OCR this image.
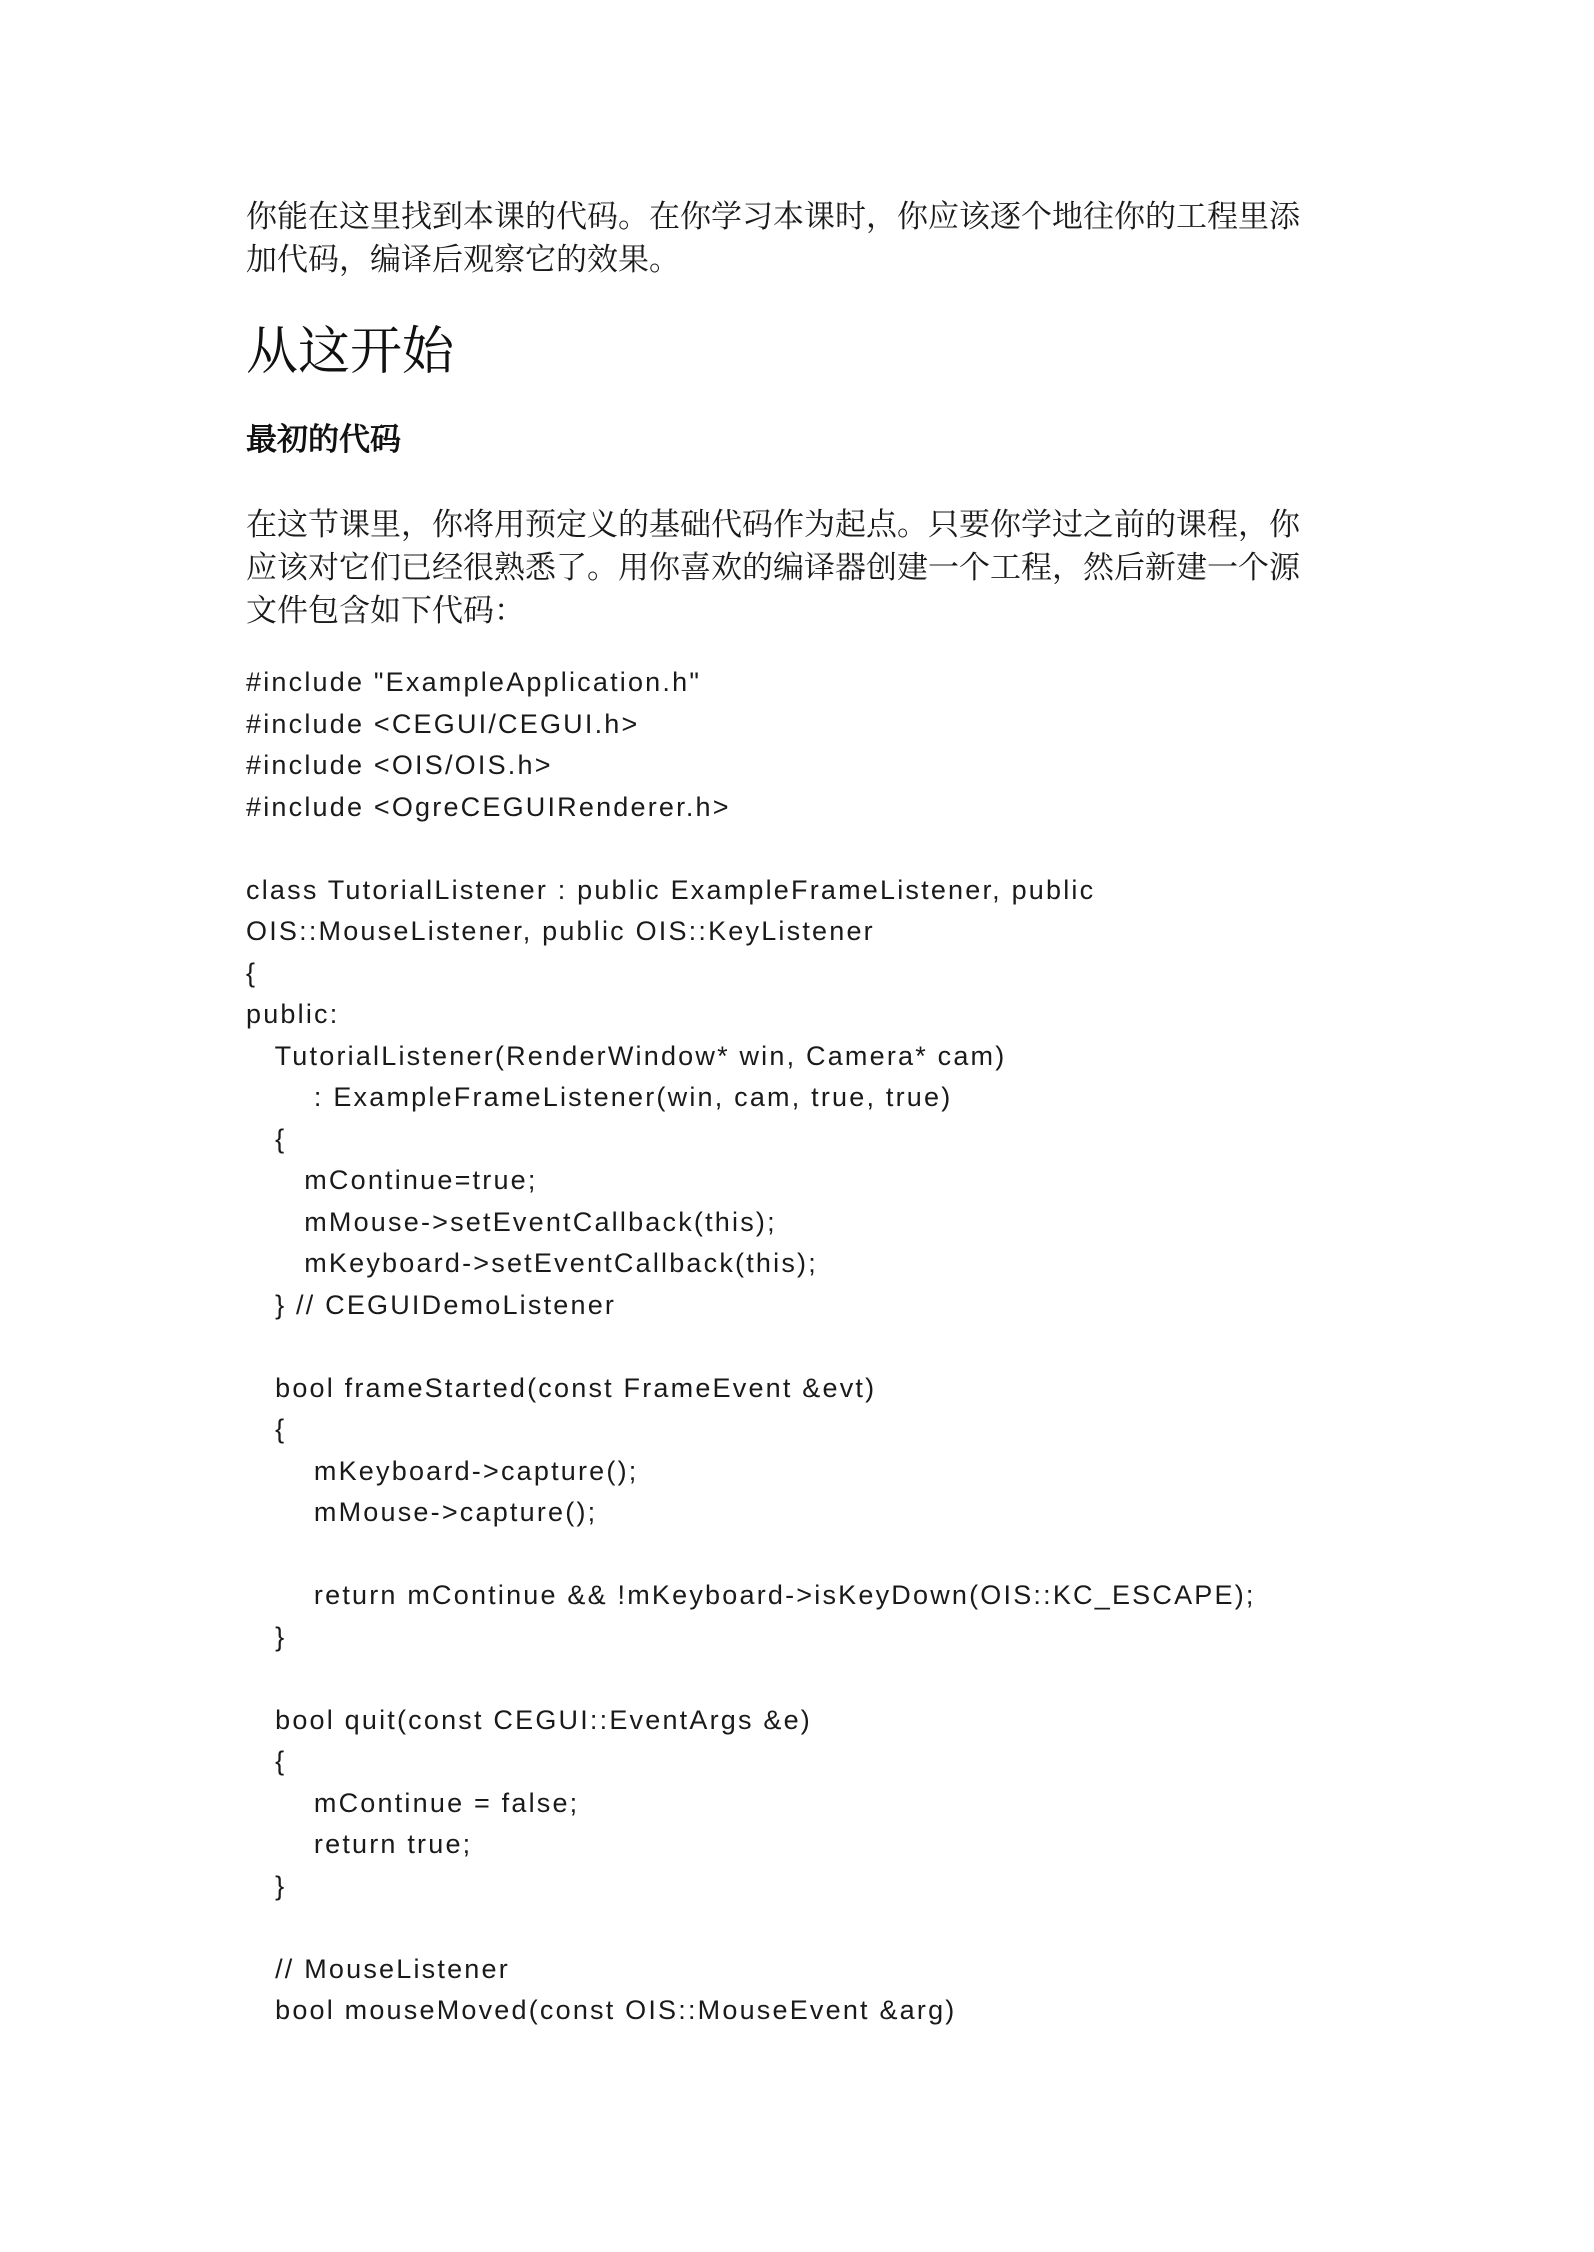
你能在这里找到本课的代码。在你学习本课时，你应该逐个地往你的工程里添
加代码，编译后观察它的效果。

从这开始
最初的代码

在这节课里，你将用预定义的基础代码作为起点。只要你学过之前的课程，你
应该对它们已经很熟悉了。用你喜欢的编译器创建一个工程，然后新建一个源
文件包含如下代码：

#include "ExampleApplication.h"
#include <CEGUI/CEGUI.h>
#include <OIS/OIS.h>
#include <OgreCEGUIRenderer.h>
class TutorialListener : public ExampleFrameListener, public
OIS::MouseListener, public OIS::KeyListener
{
public:
TutorialListener(RenderWindow* win, Camera* cam)
: ExampleFrameListener(win, cam, true, true)
{
mContinue=true;
mMouse->setEventCallback(this);
mKeyboard->setEventCallback(this);
} // CEGUIDemoListener
bool frameStarted(const FrameEvent &evt)
{
mKeyboard->capture();
mMouse->capture();
return mContinue && !mKeyboard->isKeyDown(OIS::KC_ESCAPE);
}
bool quit(const CEGUI::EventArgs &e)
{
mContinue = false;
return true;
}
// MouseListener
bool mouseMoved(const OIS::MouseEvent &arg)
